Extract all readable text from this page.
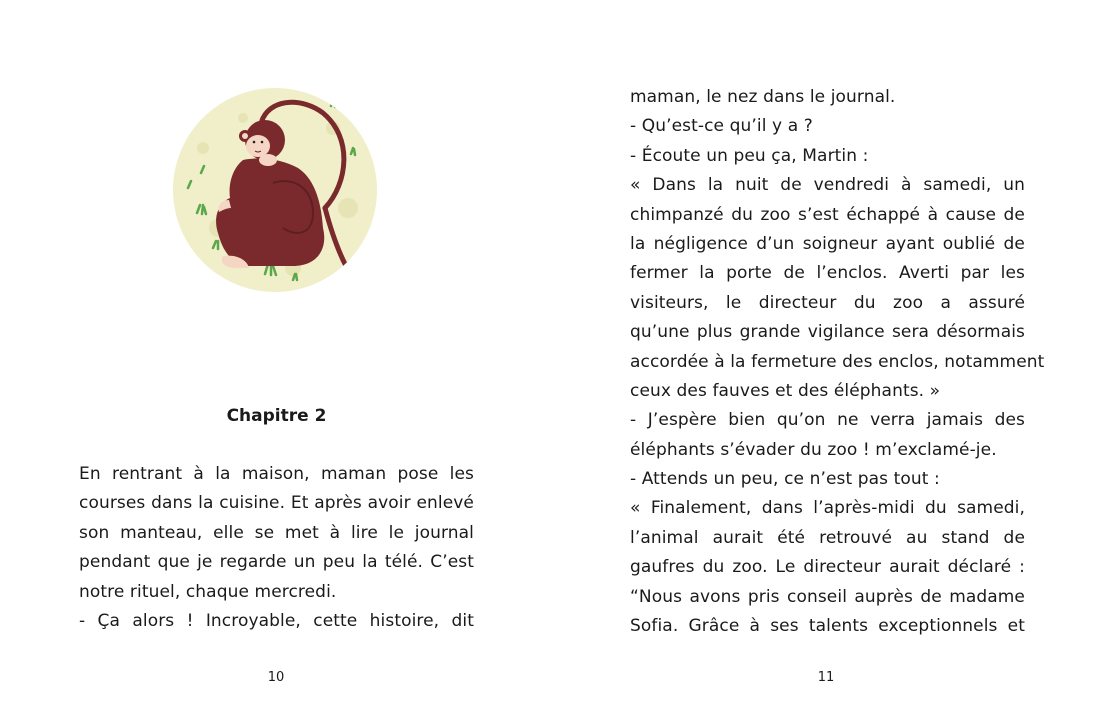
Chapitre 2
En rentrant à la maison, maman pose les
courses dans la cuisine. Et après avoir enlevé
son manteau, elle se met à lire le journal
pendant que je regarde un peu la télé. C’est
notre rituel, chaque mercredi.
- Ça alors ! Incroyable, cette histoire, dit
10
maman, le nez dans le journal.
- Qu’est-ce qu’il y a ?
- Écoute un peu ça, Martin :
« Dans la nuit de vendredi à samedi, un
chimpanzé du zoo s’est échappé à cause de
la négligence d’un soigneur ayant oublié de
fermer la porte de l’enclos. Averti par les
visiteurs, le directeur du zoo a assuré
qu’une plus grande vigilance sera désormais
accordée à la fermeture des enclos, notamment
ceux des fauves et des éléphants. »
- J’espère bien qu’on ne verra jamais des
éléphants s’évader du zoo ! m’exclamé-je.
- Attends un peu, ce n’est pas tout :
« Finalement, dans l’après-midi du samedi,
l’animal aurait été retrouvé au stand de
gaufres du zoo. Le directeur aurait déclaré :
“Nous avons pris conseil auprès de madame
Sofia. Grâce à ses talents exceptionnels et
11
